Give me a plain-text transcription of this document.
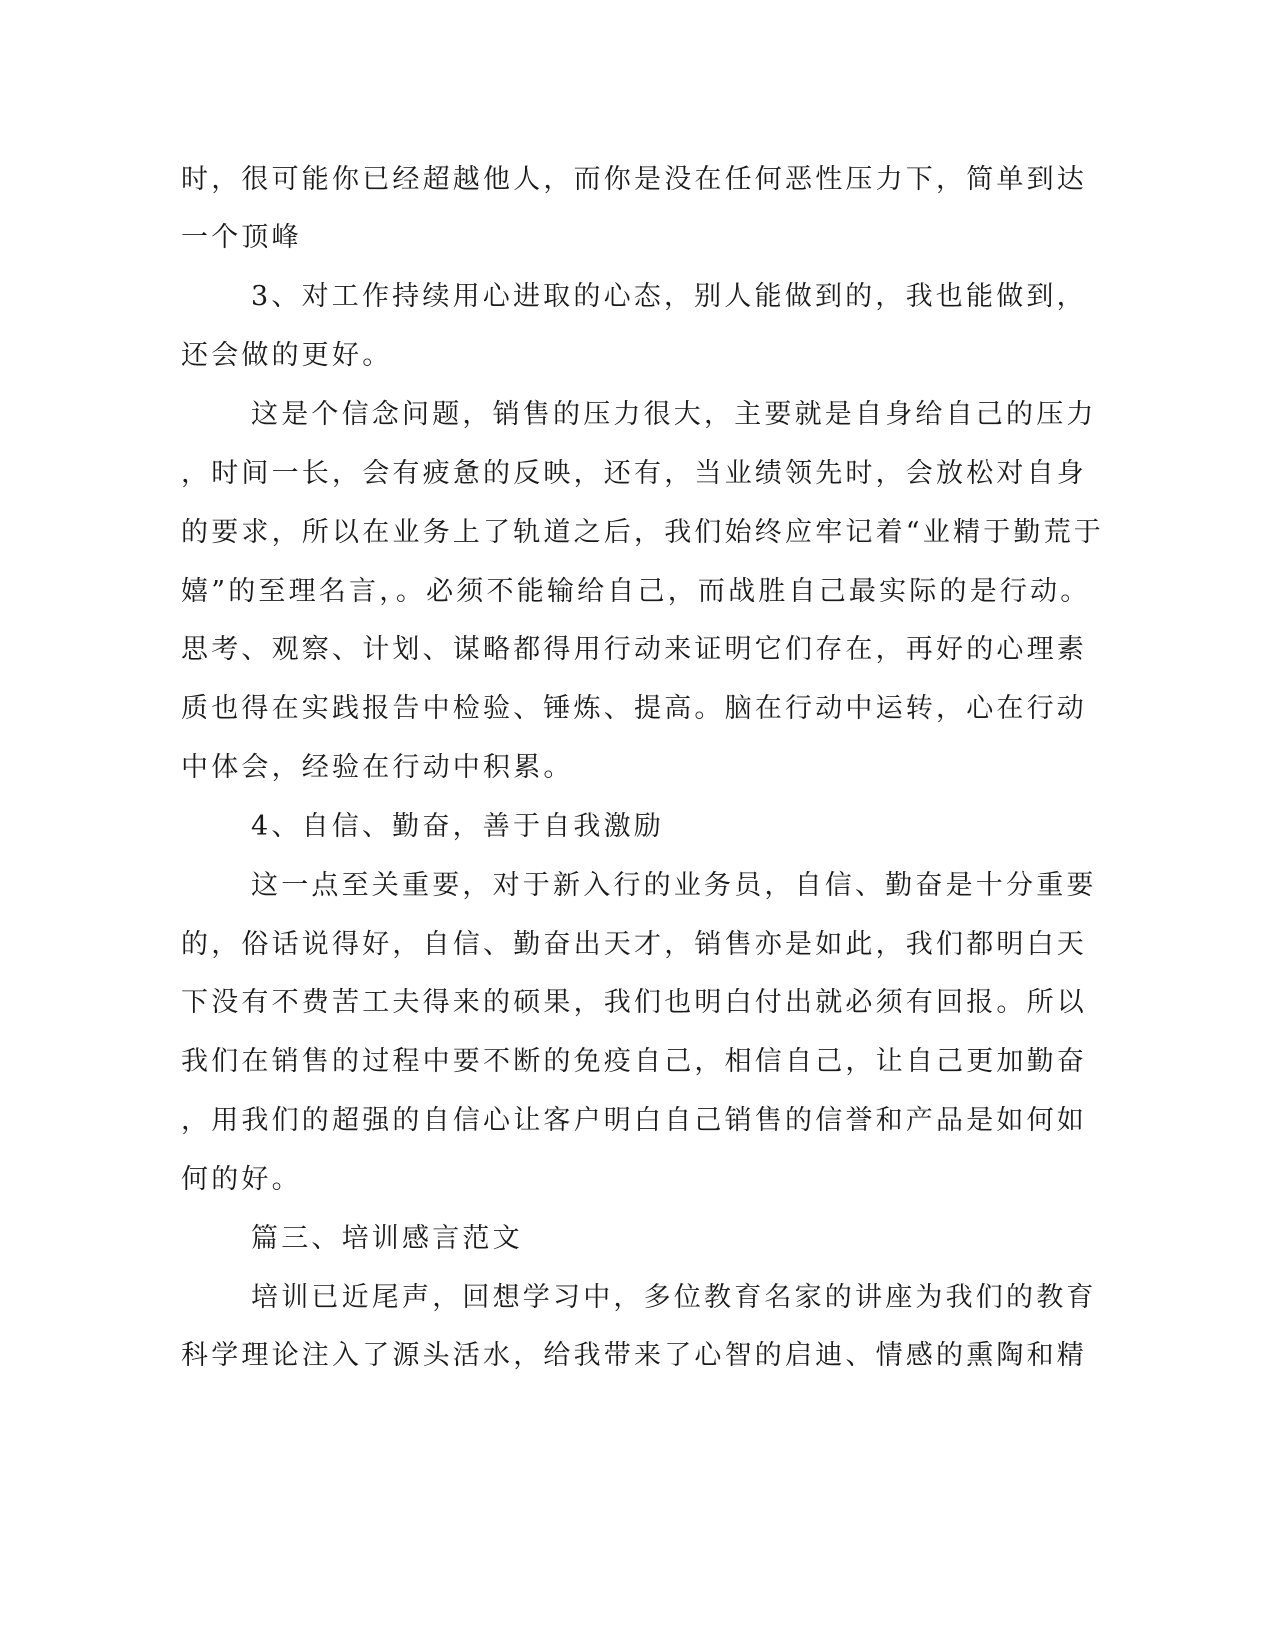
时，很可能你已经超越他人，而你是没在任何恶性压力下，简单到达
一个顶峰
3、对工作持续用心进取的心态，别人能做到的，我也能做到，
还会做的更好。
这是个信念问题，销售的压力很大，主要就是自身给自己的压力
，时间一长，会有疲惫的反映，还有，当业绩领先时，会放松对自身
的要求，所以在业务上了轨道之后，我们始终应牢记着“业精于勤荒于
嬉”的至理名言，。必须不能输给自己，而战胜自己最实际的是行动。
思考、观察、计划、谋略都得用行动来证明它们存在，再好的心理素
质也得在实践报告中检验、锤炼、提高。脑在行动中运转，心在行动
中体会，经验在行动中积累。
4、自信、勤奋，善于自我激励
这一点至关重要，对于新入行的业务员，自信、勤奋是十分重要
的，俗话说得好，自信、勤奋出天才，销售亦是如此，我们都明白天
下没有不费苦工夫得来的硕果，我们也明白付出就必须有回报。所以
我们在销售的过程中要不断的免疫自己，相信自己，让自己更加勤奋
，用我们的超强的自信心让客户明白自己销售的信誉和产品是如何如
何的好。
篇三、培训感言范文
培训已近尾声，回想学习中，多位教育名家的讲座为我们的教育
科学理论注入了源头活水，给我带来了心智的启迪、情感的熏陶和精
